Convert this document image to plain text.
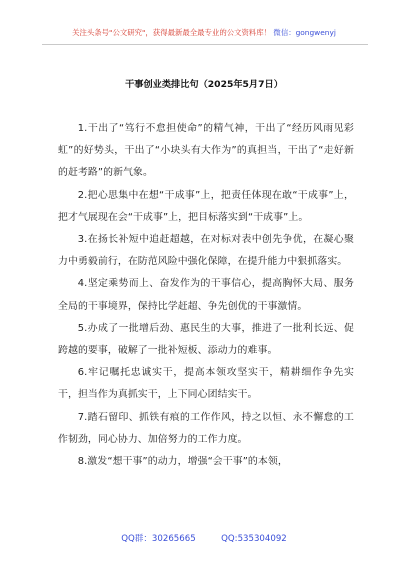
关注头条号"公文研究"，获得最新最全最专业的公文资料库！ 微信：gongwenyj
干事创业类排比句（2025年5月7日）

1.干出了“笃行不怠担使命”的精气神，干出了“经历风雨见彩虹”的好势头，干出了“小块头有大作为”的真担当，干出了“走好新的赶考路”的新气象。

2.把心思集中在想“干成事”上，把责任体现在敢“干成事”上，把才气展现在会“干成事”上，把目标落实到“干成事”上。

3.在扬长补短中追赶超越，在对标对表中创先争优，在凝心聚力中勇毅前行，在防范风险中强化保障，在提升能力中狠抓落实。

4.坚定乘势而上、奋发作为的干事信心，提高胸怀大局、服务全局的干事境界，保持比学赶超、争先创优的干事激情。

5.办成了一批增后劲、惠民生的大事，推进了一批利长远、促跨越的要事，破解了一批补短板、添动力的难事。

6.牢记嘱托忠诚实干，提高本领攻坚实干，精耕细作争先实干，担当作为真抓实干，上下同心团结实干。

7.踏石留印、抓铁有痕的工作作风，持之以恒、永不懈怠的工作韧劲，同心协力、加倍努力的工作力度。

8.激发“想干事”的动力，增强“会干事”的本领，

QQ群：30265665	QQ:535304092
